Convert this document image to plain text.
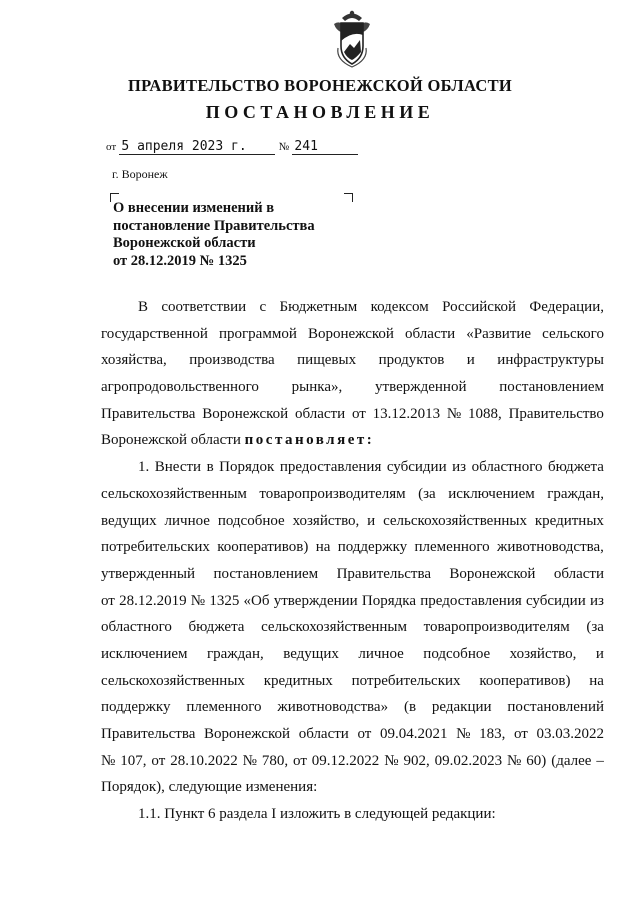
ПРАВИТЕЛЬСТВО ВОРОНЕЖСКОЙ ОБЛАСТИ
ПОСТАНОВЛЕНИЕ
от 5 апреля 2023 г.	№ 241
г. Воронеж
О внесении изменений в
постановление Правительства
Воронежской области
от 28.12.2019 № 1325
В соответствии с Бюджетным кодексом Российской Федерации,
государственной программой Воронежской области «Развитие сельского
хозяйства, производства пищевых продуктов и инфраструктуры
агропродовольственного рынка», утвержденной постановлением
Правительства Воронежской области от 13.12.2013 № 1088, Правительство
Воронежской области постановляет:
1. Внести в Порядок предоставления субсидии из областного бюджета
сельскохозяйственным товаропроизводителям (за исключением граждан,
ведущих личное подсобное хозяйство, и сельскохозяйственных кредитных
потребительских кооперативов) на поддержку племенного животноводства,
утвержденный постановлением Правительства Воронежской области
от 28.12.2019 № 1325 «Об утверждении Порядка предоставления субсидии из
областного бюджета сельскохозяйственным товаропроизводителям (за
исключением граждан, ведущих личное подсобное хозяйство, и
сельскохозяйственных кредитных потребительских кооперативов) на
поддержку племенного животноводства» (в редакции постановлений
Правительства Воронежской области от 09.04.2021 № 183, от 03.03.2022
№ 107, от 28.10.2022 № 780, от 09.12.2022 № 902, 09.02.2023 № 60) (далее –
Порядок), следующие изменения:
1.1. Пункт 6 раздела I изложить в следующей редакции:
